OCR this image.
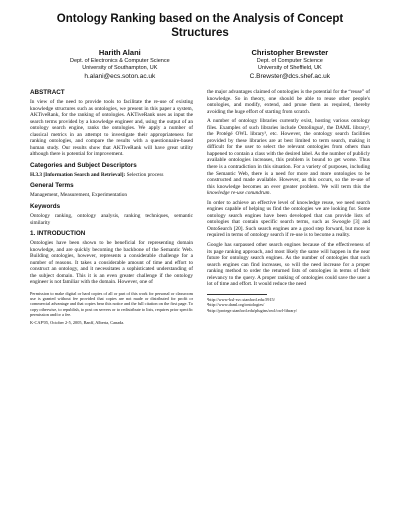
Ontology Ranking based on the Analysis of Concept Structures
Harith Alani
Dept. of Electronics & Computer Science
University of Southampton, UK
h.alani@ecs.soton.ac.uk
Christopher Brewster
Dept. of Computer Science
University of Sheffield, UK
C.Brewster@dcs.shef.ac.uk
ABSTRACT

In view of the need to provide tools to facilitate the re-use of existing knowledge structures such as ontologies, we present in this paper a system, AKTiveRank, for the ranking of ontologies. AKTiveRank uses as input the search terms provided by a knowledge engineer and, using the output of an ontology search engine, ranks the ontologies. We apply a number of classical metrics in an attempt to investigate their appropriateness for ranking ontologies, and compare the results with a questionnaire-based human study. Our results show that AKTiveRank will have great utility although there is potential for improvement.

Categories and Subject Descriptors

H.3.3 [Information Search and Retrieval]: Selection process

General Terms

Management, Measurement, Experimentation

Keywords

Ontology ranking, ontology analysis, ranking techniques, semantic similarity

1. INTRODUCTION

Ontologies have been shown to be beneficial for representing domain knowledge, and are quickly becoming the backbone of the Semantic Web. Building ontologies, however, represents a considerable challenge for a number of reasons. It takes a considerable amount of time and effort to construct an ontology, and it necessitates a sophisticated understanding of the subject domain. This it is an even greater challenge if the ontology engineer is not familiar with the domain. However, one of

Permission to make digital or hard copies of all or part of this work for personal or classroom use is granted without fee provided that copies are not made or distributed for profit or commercial advantage and that copies bear this notice and the full citation on the first page. To copy otherwise, to republish, to post on servers or to redistribute to lists, requires prior specific permission and/or a fee.

K-CAP'05, October 2-5, 2005, Banff, Alberta, Canada.

the major advantages claimed of ontologies is the potential for the “reuse” of knowledge. So in theory, one should be able to reuse other people's ontologies, and modify, extend, and prune them as required, thereby avoiding the huge effort of starting from scratch.

A number of ontology libraries currently exist, hosting various ontology files. Examples of such libraries include Ontolingua¹, the DAML library², the Protégé OWL library³, etc. However, the ontology search facilities provided by these libraries are at best limited to term search, making it difficult for the user to select the relevant ontologies from others than happened to contain a class with the desired label. As the number of publicly available ontologies increases, this problem is bound to get worse. Thus there is a contradiction in this situation. For a variety of purposes, including the Semantic Web, there is a need for more and more ontologies to be constructed and made available. However, as this occurs, so the re-use of this knowledge becomes an ever greater problem. We will term this the knowledge re-use conundrum.

In order to achieve an effective level of knowledge reuse, we need search engines capable of helping us find the ontologies we are looking for. Some ontology search engines have been developed that can provide lists of ontologies that contain specific search terms, such as Swoogle [3] and OntoSearch [20]. Such search engines are a good step forward, but more is required in terms of ontology search if re-use is to become a reality.

Google has surpassed other search engines because of the effectiveness of its page ranking approach, and most likely the same will happen in the near future for ontology search engines. As the number of ontologies that such search engines can find increases, so will the need increase for a proper ranking method to order the returned lists of ontologies in terms of their relevancy to the query. A proper ranking of ontologies could save the user a lot of time and effort. It would reduce the need

¹http://www-ksl-svc.stanford.edu:5915/
²http://www.daml.org/ontologies/
³http://protege.stanford.edu/plugins/owl/owl-library/
